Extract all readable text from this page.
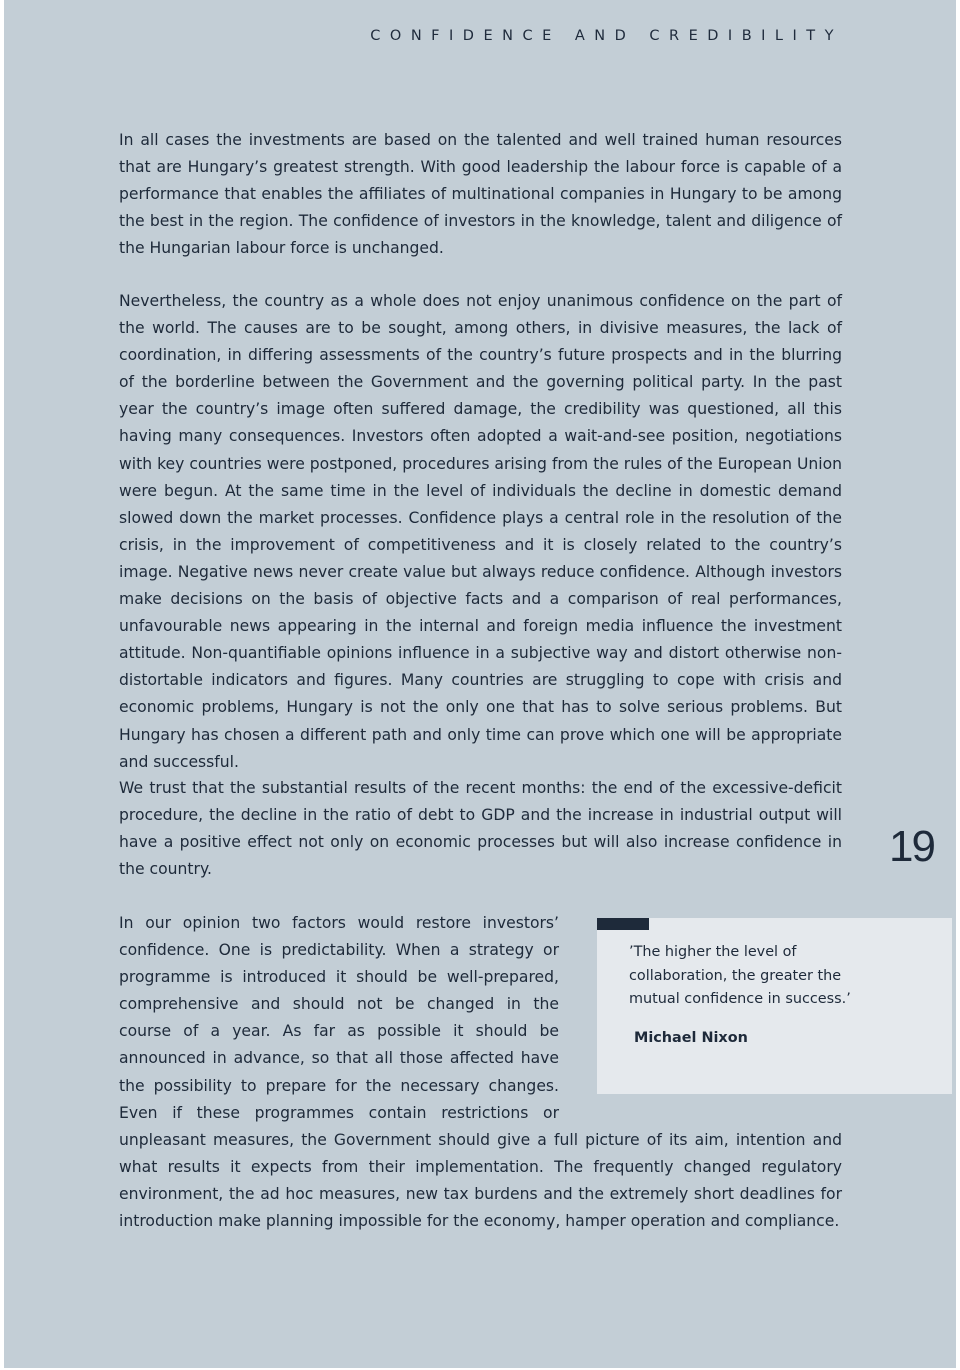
CONFIDENCE AND CREDIBILITY

In all cases the investments are based on the talented and well trained human resources that are Hungary’s greatest strength. With good leadership the labour force is capable of a performance that enables the affiliates of multinational companies in Hungary to be among the best in the region. The confidence of investors in the knowledge, talent and diligence of the Hungarian labour force is unchanged.

Nevertheless, the country as a whole does not enjoy unanimous confidence on the part of the world. The causes are to be sought, among others, in divisive measures, the lack of coordination, in differing assessments of the country’s future prospects and in the blurring of the borderline between the Government and the governing political party. In the past year the country’s image often suffered damage, the credibility was questioned, all this having many consequences. Investors often adopted a wait-and-see position, negotiations with key countries were postponed, procedures arising from the rules of the European Union were begun. At the same time in the level of individuals the decline in domestic demand slowed down the market processes. Confidence plays a central role in the resolution of the crisis, in the improvement of competitiveness and it is closely related to the country’s image. Negative news never create value but always reduce confidence. Although investors make decisions on the basis of objective facts and a comparison of real performances, unfavourable news appearing in the internal and foreign media influence the investment attitude. Non-quantifiable opinions influence in a subjective way and distort otherwise non-distortable indicators and figures. Many countries are struggling to cope with crisis and economic problems, Hungary is not the only one that has to solve serious problems. But Hungary has chosen a different path and only time can prove which one will be appropriate and successful.

We trust that the substantial results of the recent months: the end of the excessive-deficit procedure, the decline in the ratio of debt to GDP and the increase in industrial output will have a positive effect not only on economic processes but will also increase confidence in the country.

In our opinion two factors would restore investors’ confidence. One is predictability. When a strategy or programme is introduced it should be well-prepared, comprehensive and should not be changed in the course of a year. As far as possible it should be announced in advance, so that all those affected have the possibility to prepare for the necessary changes. Even if these programmes contain restrictions or unpleasant measures, the Government should give a full picture of its aim, intention and what results it expects from their implementation. The frequently changed regulatory environment, the ad hoc measures, new tax burdens and the extremely short deadlines for introduction make planning impossible for the economy, hamper operation and compliance.

19

’The higher the level of collaboration, the greater the mutual confidence in success.’

Michael Nixon
